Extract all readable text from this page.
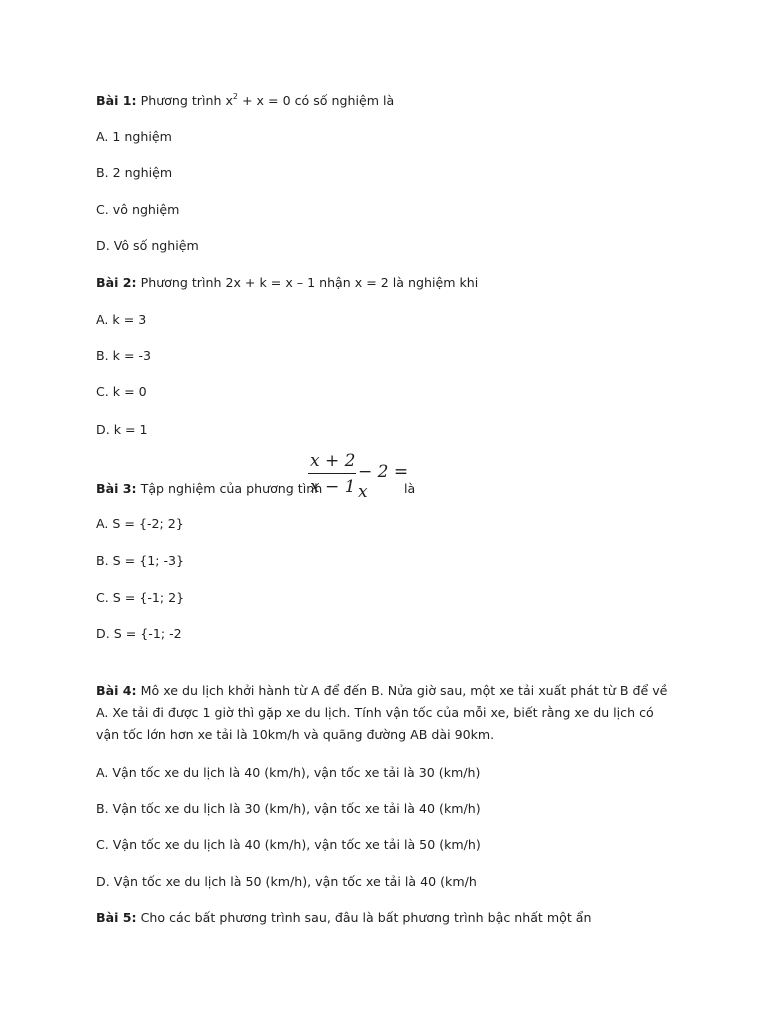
Bài 1: Phương trình $x^2 + x = 0$ có số nghiệm là
A. 1 nghiệm
B. 2 nghiệm
C. vô nghiệm
D. Vô số nghiệm
Bài 2: Phương trình 2x + k = x – 1 nhận x = 2 là nghiệm khi
A. k = 3
B. k = -3
C. k = 0
D. k = 1
Bài 3: Tập nghiệm của phương tình
x + 2
x − 1
− 2 = x	là
A. S = {-2; 2}
B. S = {1; -3}
C. S = {-1; 2}
D. S = {-1; -2
Bài 4: Mô xe du lịch khởi hành từ A để đến B. Nửa giờ sau, một xe tải xuất phát từ B để về A. Xe tải đi được 1 giờ thì gặp xe du lịch. Tính vận tốc của mỗi xe, biết rằng xe du lịch có vận tốc lớn hơn xe tải là 10km/h và quãng đường AB dài 90km.
A. Vận tốc xe du lịch là 40 (km/h), vận tốc xe tải là 30 (km/h)
B. Vận tốc xe du lịch là 30 (km/h), vận tốc xe tải là 40 (km/h)
C. Vận tốc xe du lịch là 40 (km/h), vận tốc xe tải là 50 (km/h)
D. Vận tốc xe du lịch là 50 (km/h), vận tốc xe tải là 40 (km/h
Bài 5: Cho các bất phương trình sau, đâu là bất phương trình bậc nhất một ẩn
